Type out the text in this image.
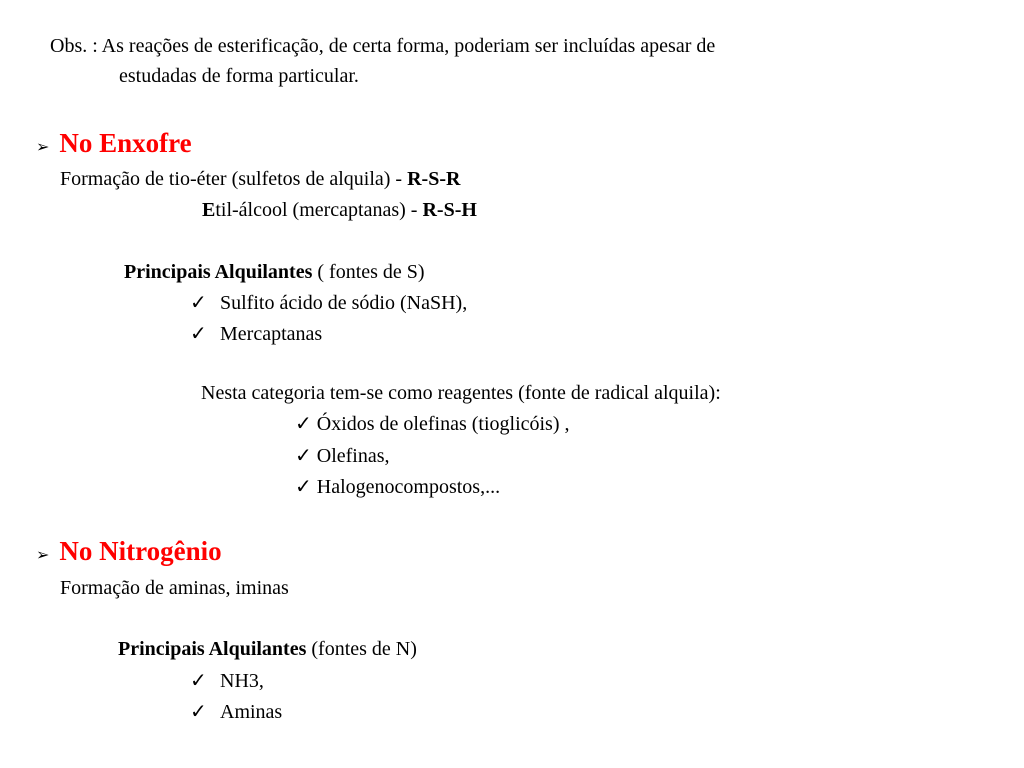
Obs. : As reações de esterificação, de certa forma, poderiam ser incluídas apesar de
estudadas de forma particular.
➢ No Enxofre
Formação de tio-éter (sulfetos de alquila) - R-S-R
Etil-álcool (mercaptanas) - R-S-H
Principais Alquilantes ( fontes de S)
✓ Sulfito ácido de sódio (NaSH),
✓ Mercaptanas
Nesta categoria tem-se como reagentes (fonte de radical alquila):
✓ Óxidos de olefinas (tioglicóis) ,
✓ Olefinas,
✓ Halogenocompostos,...
➢ No Nitrogênio
Formação de aminas, iminas
Principais Alquilantes (fontes de N)
✓ NH3,
✓ Aminas
